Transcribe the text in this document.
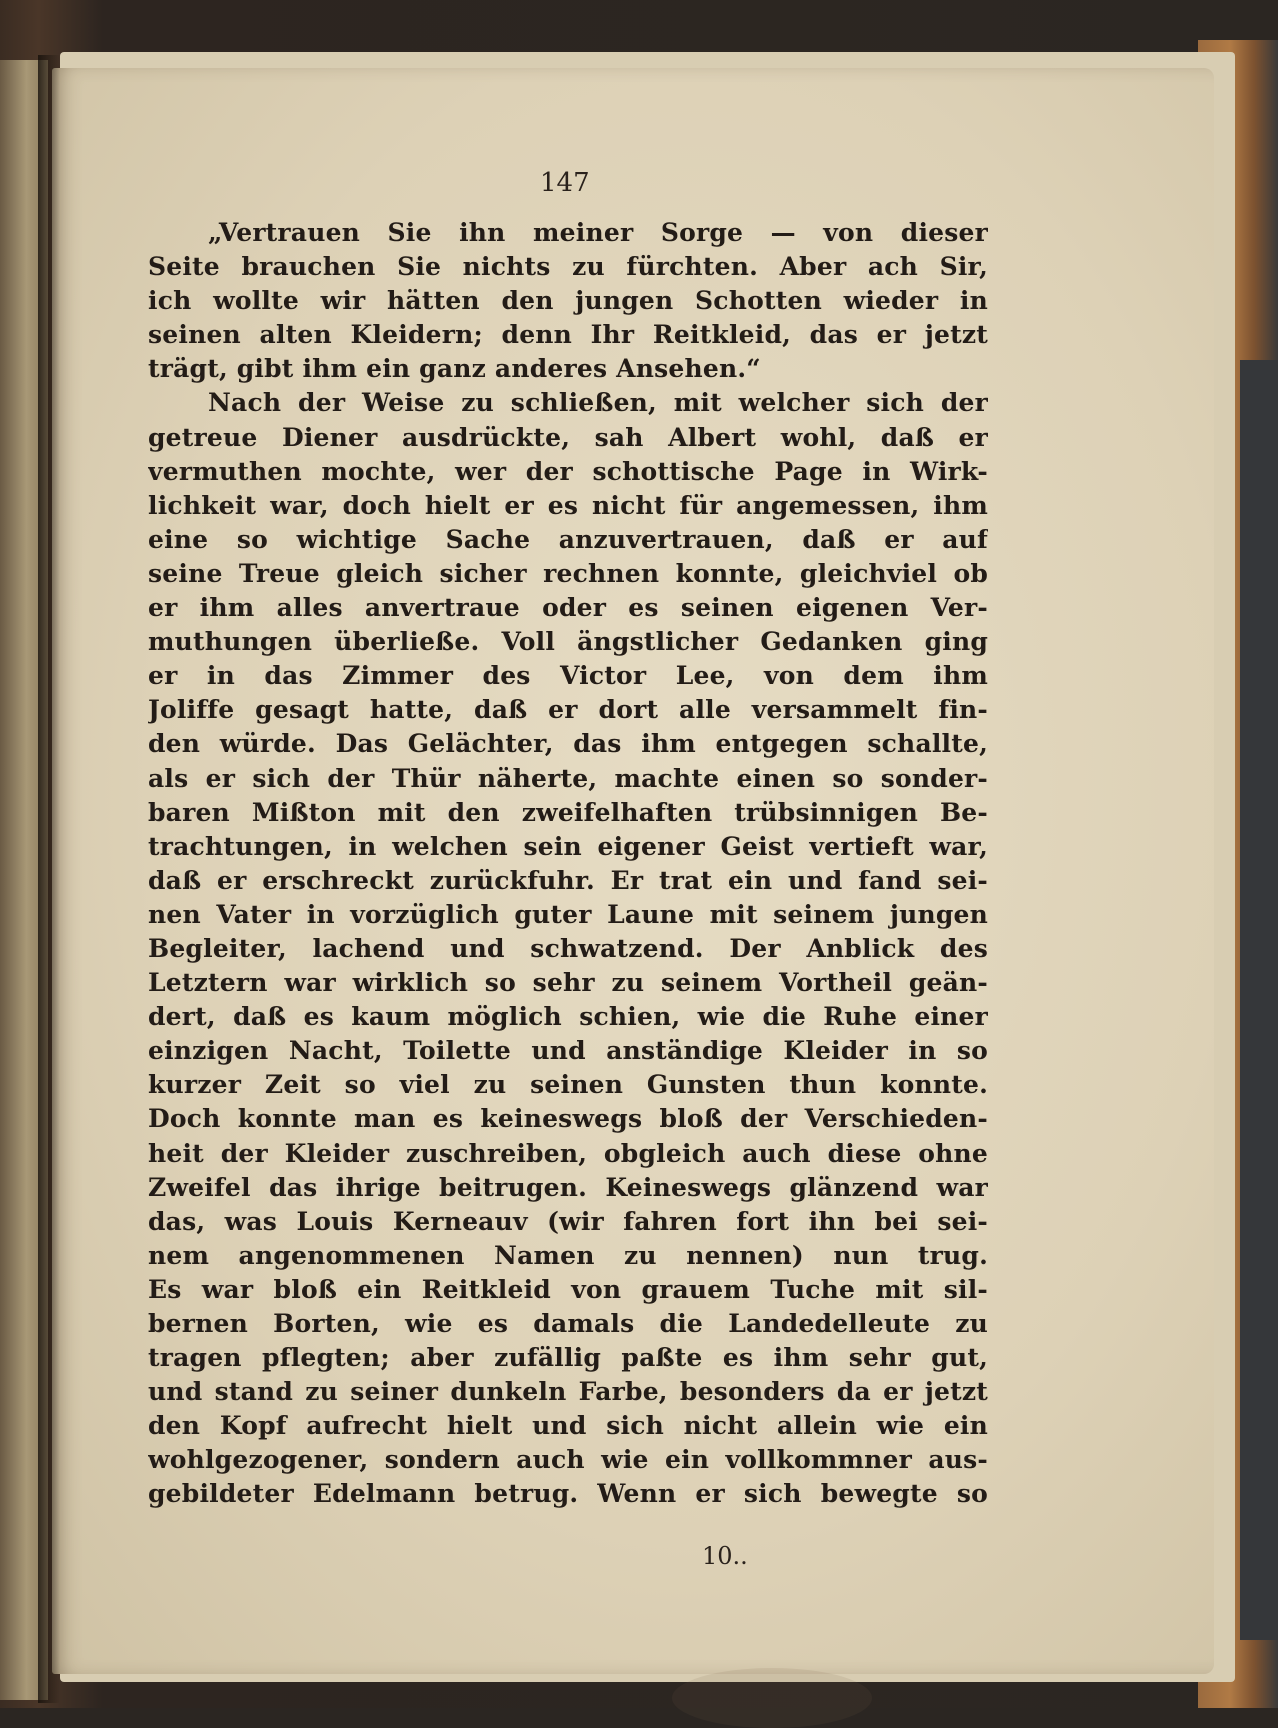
147
„Vertrauen Sie ihn meiner Sorge — von dieser
Seite brauchen Sie nichts zu fürchten. Aber ach Sir,
ich wollte wir hätten den jungen Schotten wieder in
seinen alten Kleidern; denn Ihr Reitkleid, das er jetzt
trägt, gibt ihm ein ganz anderes Ansehen.“
Nach der Weise zu schließen, mit welcher sich der
getreue Diener ausdrückte, sah Albert wohl, daß er
vermuthen mochte, wer der schottische Page in Wirk-
lichkeit war, doch hielt er es nicht für angemessen, ihm
eine so wichtige Sache anzuvertrauen, daß er auf
seine Treue gleich sicher rechnen konnte, gleichviel ob
er ihm alles anvertraue oder es seinen eigenen Ver-
muthungen überließe. Voll ängstlicher Gedanken ging
er in das Zimmer des Victor Lee, von dem ihm
Joliffe gesagt hatte, daß er dort alle versammelt fin-
den würde. Das Gelächter, das ihm entgegen schallte,
als er sich der Thür näherte, machte einen so sonder-
baren Mißton mit den zweifelhaften trübsinnigen Be-
trachtungen, in welchen sein eigener Geist vertieft war,
daß er erschreckt zurückfuhr. Er trat ein und fand sei-
nen Vater in vorzüglich guter Laune mit seinem jungen
Begleiter, lachend und schwatzend. Der Anblick des
Letztern war wirklich so sehr zu seinem Vortheil geän-
dert, daß es kaum möglich schien, wie die Ruhe einer
einzigen Nacht, Toilette und anständige Kleider in so
kurzer Zeit so viel zu seinen Gunsten thun konnte.
Doch konnte man es keineswegs bloß der Verschieden-
heit der Kleider zuschreiben, obgleich auch diese ohne
Zweifel das ihrige beitrugen. Keineswegs glänzend war
das, was Louis Kerneauv (wir fahren fort ihn bei sei-
nem angenommenen Namen zu nennen) nun trug.
Es war bloß ein Reitkleid von grauem Tuche mit sil-
bernen Borten, wie es damals die Landedelleute zu
tragen pflegten; aber zufällig paßte es ihm sehr gut,
und stand zu seiner dunkeln Farbe, besonders da er jetzt
den Kopf aufrecht hielt und sich nicht allein wie ein
wohlgezogener, sondern auch wie ein vollkommner aus-
gebildeter Edelmann betrug. Wenn er sich bewegte so
10..
